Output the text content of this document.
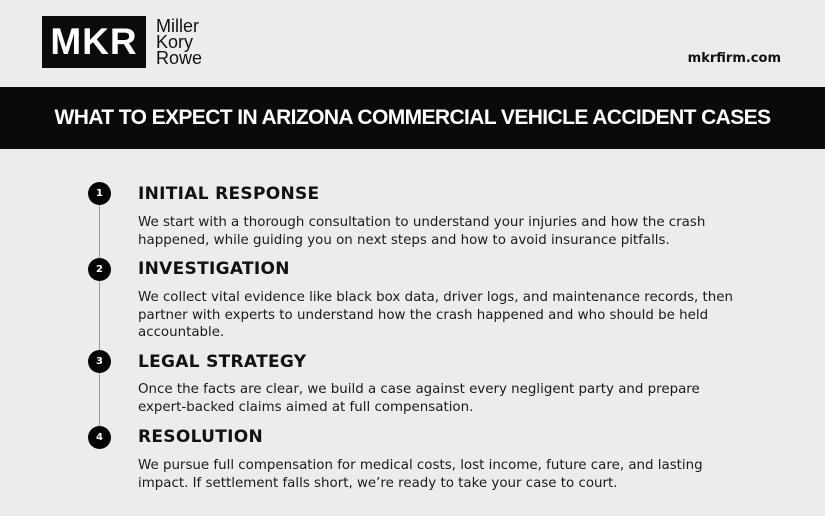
MKR Miller
Kory
Rowe	mkrfirm.com
WHAT TO EXPECT IN ARIZONA COMMERCIAL VEHICLE ACCIDENT CASES
1	INITIAL RESPONSE

We start with a thorough consultation to understand your injuries and how the crash happened, while guiding you on next steps and how to avoid insurance pitfalls.

2	INVESTIGATION

We collect vital evidence like black box data, driver logs, and maintenance records, then partner with experts to understand how the crash happened and who should be held accountable.

3	LEGAL STRATEGY

Once the facts are clear, we build a case against every negligent party and prepare expert-backed claims aimed at full compensation.

4	RESOLUTION

We pursue full compensation for medical costs, lost income, future care, and lasting impact. If settlement falls short, we’re ready to take your case to court.
